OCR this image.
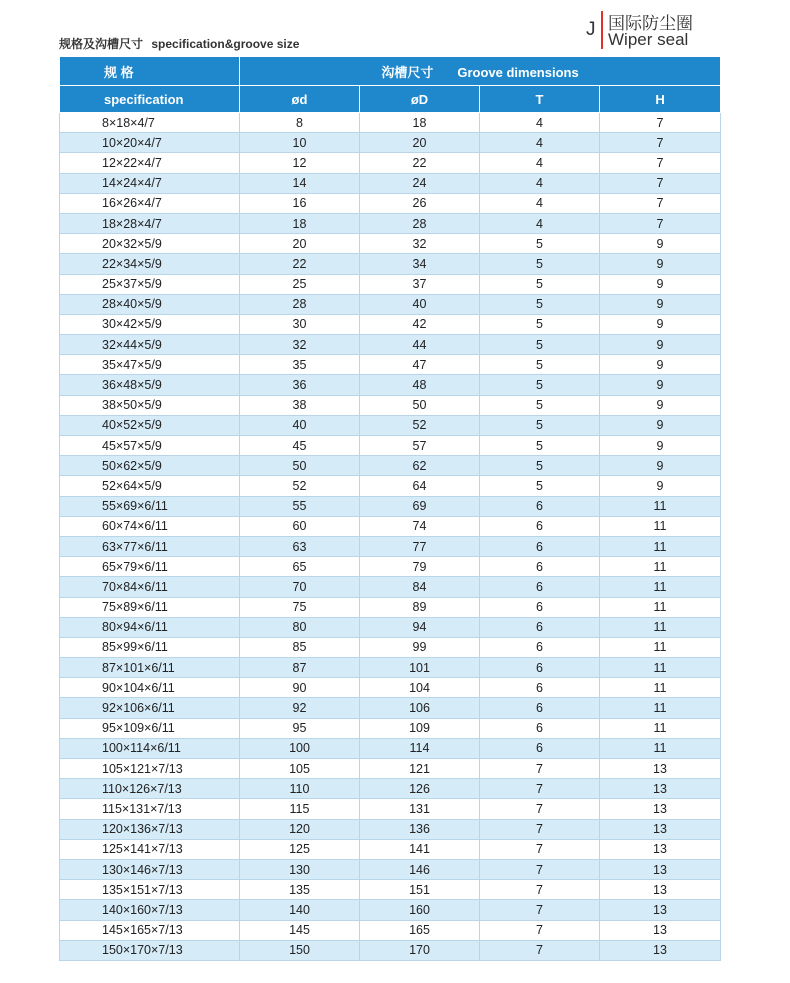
J 国际防尘圈
Wiper seal
规格及沟槽尺寸 specification&groove size
规 格	沟槽尺寸 Groove dimensions			
specification	ød	øD	T	H
8×18×4/7	8	18	4	7
10×20×4/7	10	20	4	7
12×22×4/7	12	22	4	7
14×24×4/7	14	24	4	7
16×26×4/7	16	26	4	7
18×28×4/7	18	28	4	7
20×32×5/9	20	32	5	9
22×34×5/9	22	34	5	9
25×37×5/9	25	37	5	9
28×40×5/9	28	40	5	9
30×42×5/9	30	42	5	9
32×44×5/9	32	44	5	9
35×47×5/9	35	47	5	9
36×48×5/9	36	48	5	9
38×50×5/9	38	50	5	9
40×52×5/9	40	52	5	9
45×57×5/9	45	57	5	9
50×62×5/9	50	62	5	9
52×64×5/9	52	64	5	9
55×69×6/11	55	69	6	11
60×74×6/11	60	74	6	11
63×77×6/11	63	77	6	11
65×79×6/11	65	79	6	11
70×84×6/11	70	84	6	11
75×89×6/11	75	89	6	11
80×94×6/11	80	94	6	11
85×99×6/11	85	99	6	11
87×101×6/11	87	101	6	11
90×104×6/11	90	104	6	11
92×106×6/11	92	106	6	11
95×109×6/11	95	109	6	11
100×114×6/11	100	114	6	11
105×121×7/13	105	121	7	13
110×126×7/13	110	126	7	13
115×131×7/13	115	131	7	13
120×136×7/13	120	136	7	13
125×141×7/13	125	141	7	13
130×146×7/13	130	146	7	13
135×151×7/13	135	151	7	13
140×160×7/13	140	160	7	13
145×165×7/13	145	165	7	13
150×170×7/13	150	170	7	13
